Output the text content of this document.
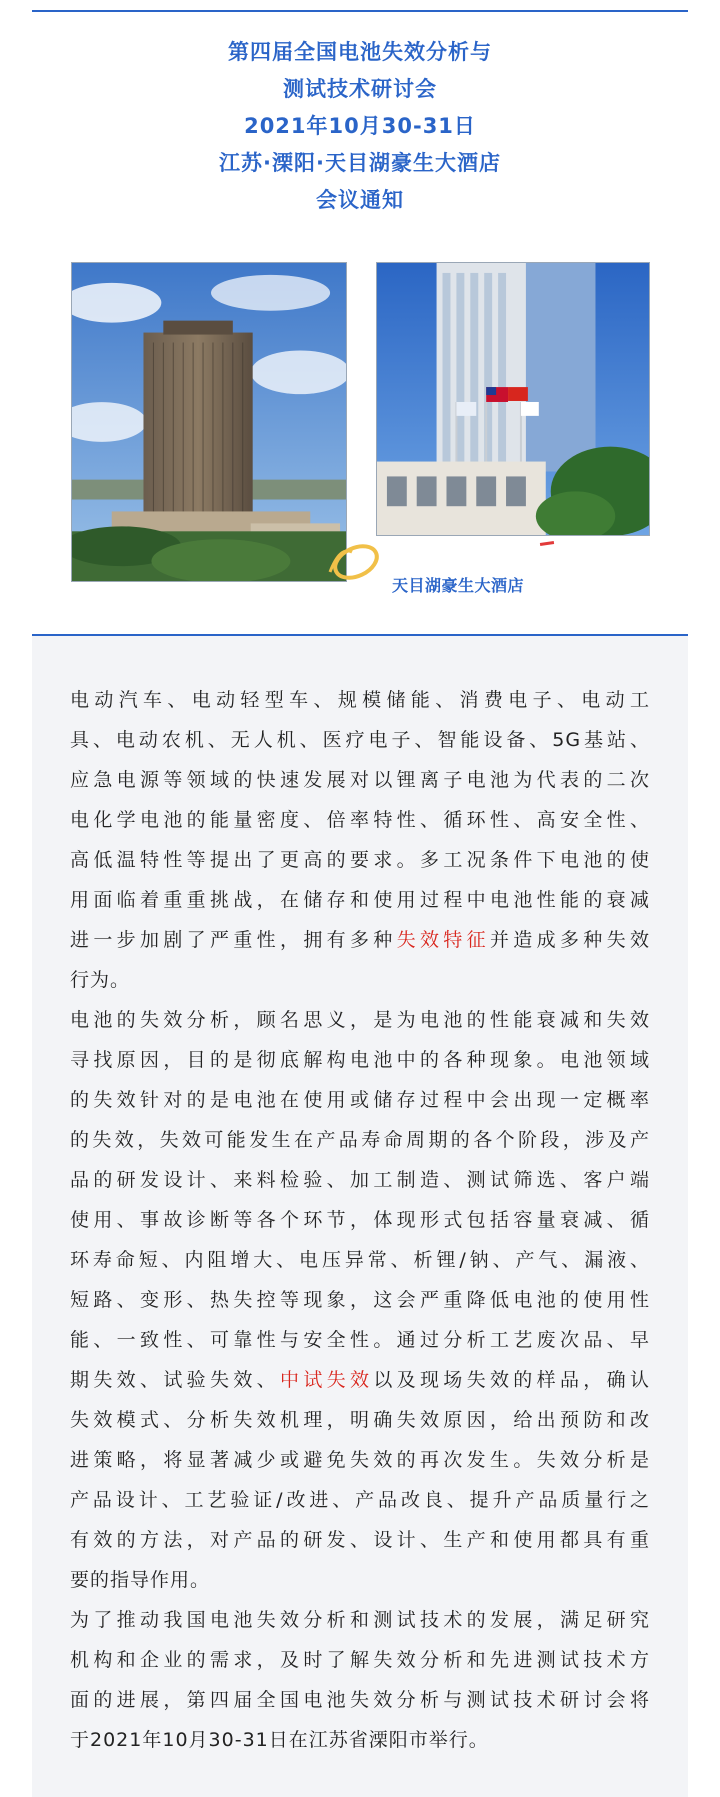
第四届全国电池失效分析与
测试技术研讨会
2021年10月30-31日
江苏·溧阳·天目湖豪生大酒店
会议通知
天目湖豪生大酒店
电动汽车、电动轻型车、规模储能、消费电子、电动工
具、电动农机、无人机、医疗电子、智能设备、5G基站、
应急电源等领域的快速发展对以锂离子电池为代表的二次
电化学电池的能量密度、倍率特性、循环性、高安全性、
高低温特性等提出了更高的要求。多工况条件下电池的使
用面临着重重挑战，在储存和使用过程中电池性能的衰减
进一步加剧了严重性，拥有多种失效特征并造成多种失效
行为。
电池的失效分析，顾名思义，是为电池的性能衰减和失效
寻找原因，目的是彻底解构电池中的各种现象。电池领域
的失效针对的是电池在使用或储存过程中会出现一定概率
的失效，失效可能发生在产品寿命周期的各个阶段，涉及产
品的研发设计、来料检验、加工制造、测试筛选、客户端
使用、事故诊断等各个环节，体现形式包括容量衰减、循
环寿命短、内阻增大、电压异常、析锂/钠、产气、漏液、
短路、变形、热失控等现象，这会严重降低电池的使用性
能、一致性、可靠性与安全性。通过分析工艺废次品、早
期失效、试验失效、中试失效以及现场失效的样品，确认
失效模式、分析失效机理，明确失效原因，给出预防和改
进策略，将显著减少或避免失效的再次发生。失效分析是
产品设计、工艺验证/改进、产品改良、提升产品质量行之
有效的方法，对产品的研发、设计、生产和使用都具有重
要的指导作用。
为了推动我国电池失效分析和测试技术的发展，满足研究
机构和企业的需求，及时了解失效分析和先进测试技术方
面的进展，第四届全国电池失效分析与测试技术研讨会将
于2021年10月30-31日在江苏省溧阳市举行。
